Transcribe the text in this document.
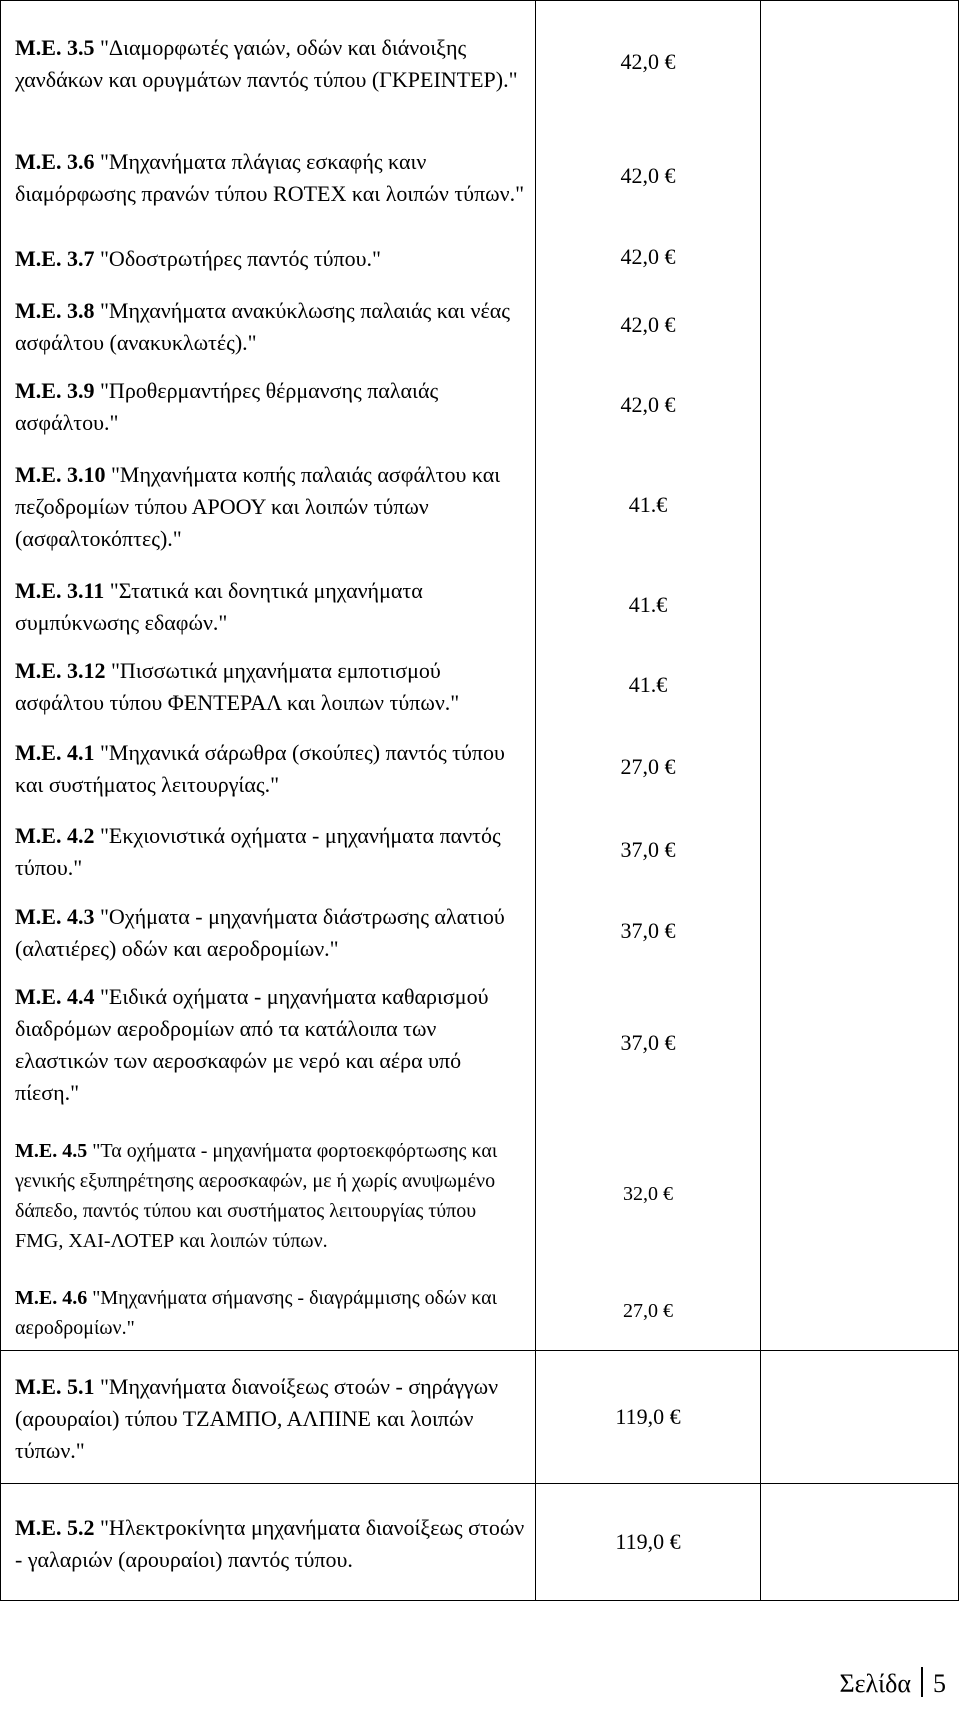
Μ.Ε. 3.5 "Διαμορφωτές γαιών, οδών και διάνοιξης χανδάκων και ορυγμάτων παντός τύπου (ΓΚΡΕΙΝΤΕΡ)."	42,0 €	
Μ.Ε. 3.6 "Μηχανήματα πλάγιας εσκαφής καιν διαμόρφωσης πρανών τύπου ROTEX και λοιπών τύπων."	42,0 €	
Μ.Ε. 3.7 "Οδοστρωτήρες παντός τύπου."	42,0 €	
Μ.Ε. 3.8 "Μηχανήματα ανακύκλωσης παλαιάς και νέας ασφάλτου (ανακυκλωτές)."	42,0 €	
Μ.Ε. 3.9 "Προθερμαντήρες θέρμανσης παλαιάς ασφάλτου."	42,0 €	
Μ.Ε. 3.10 "Μηχανήματα κοπής παλαιάς ασφάλτου και πεζοδρομίων τύπου ΑΡΟΟΥ και λοιπών τύπων (ασφαλτοκόπτες)."	41.€	
Μ.Ε. 3.11 "Στατικά και δονητικά μηχανήματα συμπύκνωσης εδαφών."	41.€	
Μ.Ε. 3.12 "Πισσωτικά μηχανήματα εμποτισμού ασφάλτου τύπου ΦΕΝΤΕΡΑΛ και λοιπων τύπων."	41.€	
Μ.Ε. 4.1 "Μηχανικά σάρωθρα (σκούπες) παντός τύπου και συστήματος λειτουργίας."	27,0 €	
Μ.Ε. 4.2 "Εκχιονιστικά οχήματα - μηχανήματα παντός τύπου."	37,0 €	
Μ.Ε. 4.3 "Οχήματα - μηχανήματα διάστρωσης αλατιού (αλατιέρες) οδών και αεροδρομίων."	37,0 €	
Μ.Ε. 4.4 "Ειδικά οχήματα - μηχανήματα καθαρισμού διαδρόμων αεροδρομίων από τα κατάλοιπα των ελαστικών των αεροσκαφών με νερό και αέρα υπό πίεση."	37,0 €	
Μ.Ε. 4.5 "Τα οχήματα - μηχανήματα φορτοεκφόρτωσης και γενικής εξυπηρέτησης αεροσκαφών, με ή χωρίς ανυψωμένο δάπεδο, παντός τύπου και συστήματος λειτουργίας τύπου FMG, ΧΑΙ-ΛΟΤΕΡ και λοιπών τύπων.	32,0 €	
Μ.Ε. 4.6 "Μηχανήματα σήμανσης - διαγράμμισης οδών και αεροδρομίων."	27,0 €	
Μ.Ε. 5.1 "Μηχανήματα διανοίξεως στοών - σηράγγων (αρουραίοι) τύπου ΤΖΑΜΠΟ, ΑΛΠΙΝΕ και λοιπών τύπων."	119,0 €	
Μ.Ε. 5.2 "Ηλεκτροκίνητα μηχανήματα διανοίξεως στοών - γαλαριών (αρουραίοι) παντός τύπου.	119,0 €	
Σελίδα 5
